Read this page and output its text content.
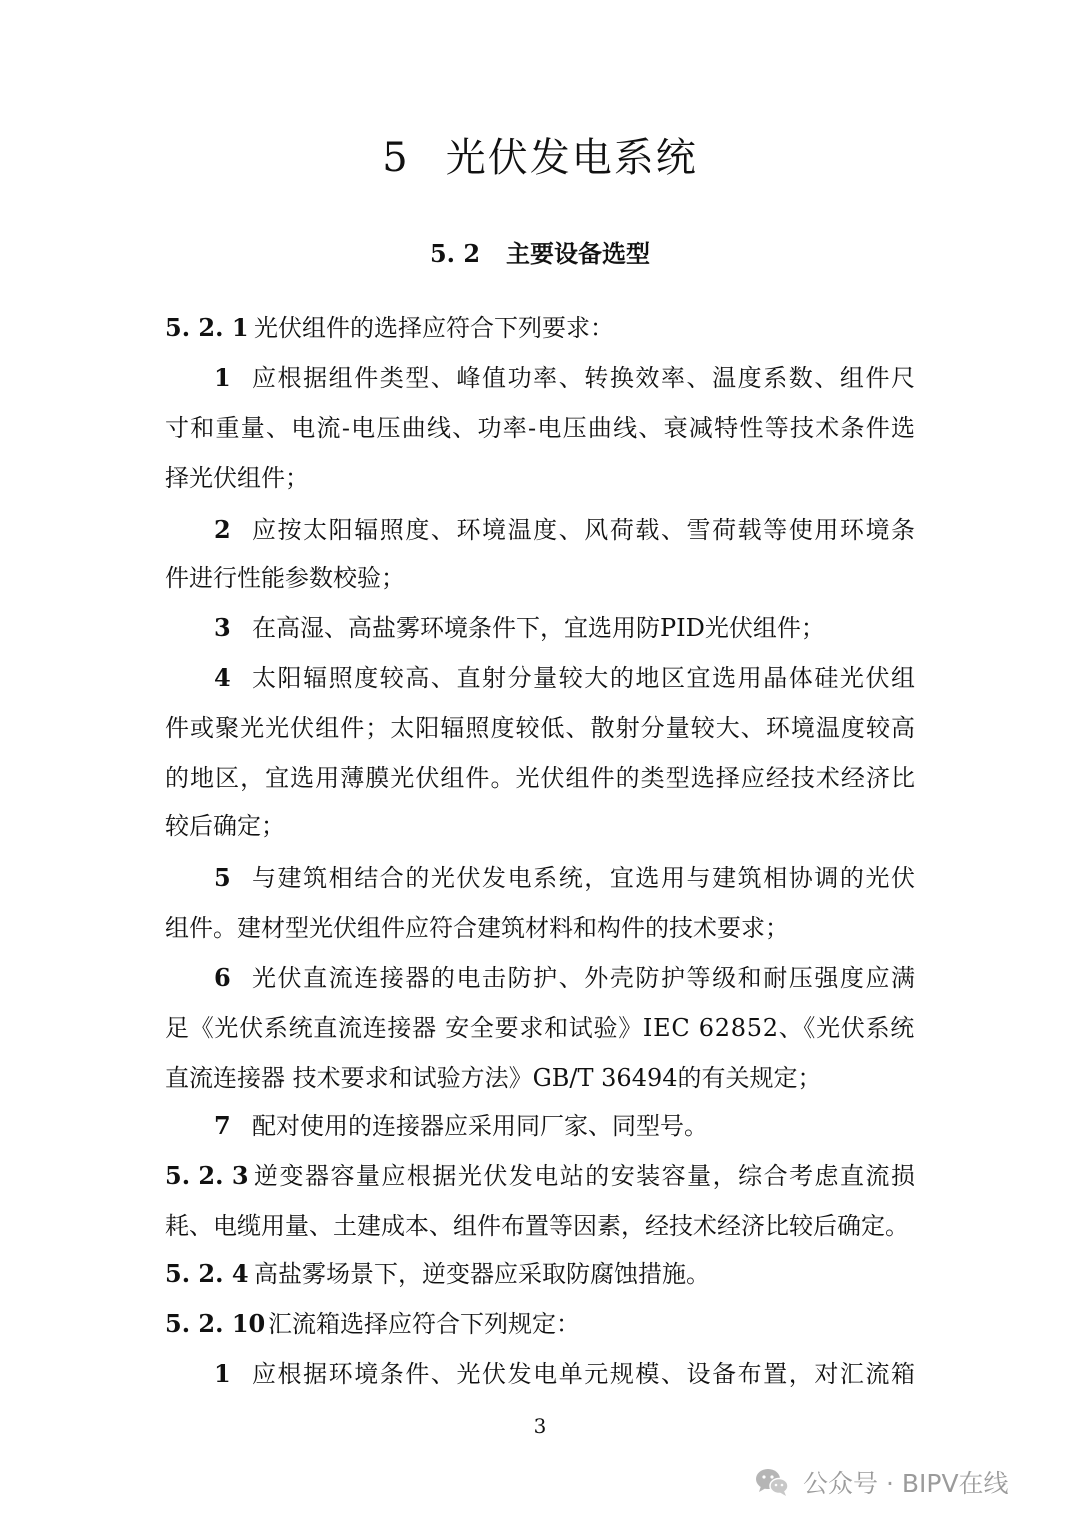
5 光伏发电系统
5. 2 主要设备选型
5. 2. 1 光伏组件的选择应符合下列要求：
1 应根据组件类型、峰值功率、转换效率、温度系数、组件尺
寸和重量、电流-电压曲线、功率-电压曲线、衰减特性等技术条件选
择光伏组件；
2 应按太阳辐照度、环境温度、风荷载、雪荷载等使用环境条
件进行性能参数校验；
3 在高湿、高盐雾环境条件下，宜选用防PID光伏组件；
4 太阳辐照度较高、直射分量较大的地区宜选用晶体硅光伏组
件或聚光光伏组件；太阳辐照度较低、散射分量较大、环境温度较高
的地区，宜选用薄膜光伏组件。光伏组件的类型选择应经技术经济比
较后确定；
5 与建筑相结合的光伏发电系统，宜选用与建筑相协调的光伏
组件。建材型光伏组件应符合建筑材料和构件的技术要求；
6 光伏直流连接器的电击防护、外壳防护等级和耐压强度应满
足《光伏系统直流连接器 安全要求和试验》IEC 62852、《光伏系统
直流连接器 技术要求和试验方法》GB/T 36494的有关规定；
7 配对使用的连接器应采用同厂家、同型号。
5. 2. 3 逆变器容量应根据光伏发电站的安装容量，综合考虑直流损
耗、电缆用量、土建成本、组件布置等因素，经技术经济比较后确定。
5. 2. 4 高盐雾场景下，逆变器应采取防腐蚀措施。
5. 2. 10 汇流箱选择应符合下列规定：
1 应根据环境条件、光伏发电单元规模、设备布置，对汇流箱
3
公众号 · BIPV在线
